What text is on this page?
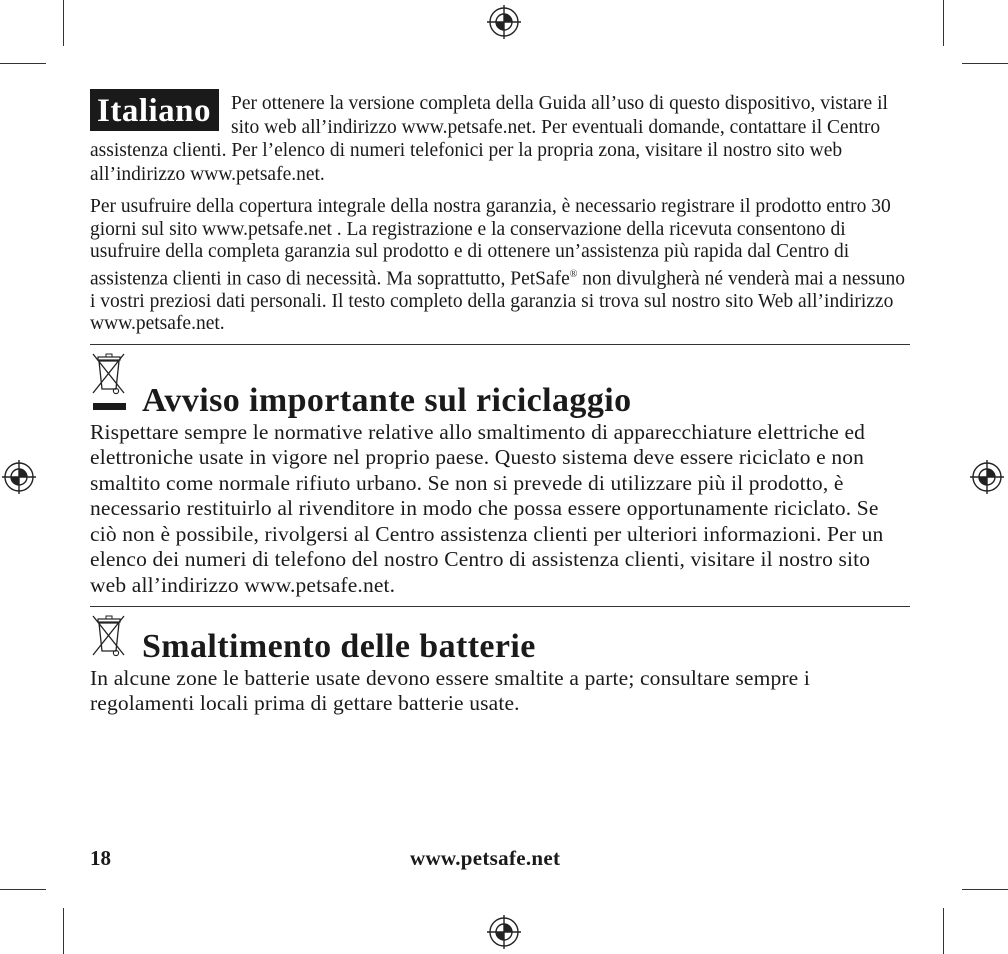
Italiano	Per ottenere la versione completa della Guida all’uso di questo dispositivo, vistare il sito web all’indirizzo www.petsafe.net. Per eventuali domande, contattare il Centro assistenza clienti. Per l’elenco di numeri telefonici per la propria zona, visitare il nostro sito web all’indirizzo www.petsafe.net.

Per usufruire della copertura integrale della nostra garanzia, è necessario registrare il prodotto entro 30 giorni sul sito www.petsafe.net . La registrazione e la conservazione della ricevuta consentono di usufruire della completa garanzia sul prodotto e di ottenere un’assistenza più rapida dal Centro di assistenza clienti in caso di necessità. Ma soprattutto, PetSafe® non divulgherà né venderà mai a nessuno i vostri preziosi dati personali. Il testo completo della garanzia si trova sul nostro sito Web all’indirizzo www.petsafe.net.

Avviso importante sul riciclaggio

Rispettare sempre le normative relative allo smaltimento di apparecchiature elettriche ed elettroniche usate in vigore nel proprio paese. Questo sistema deve essere riciclato e non smaltito come normale rifiuto urbano. Se non si prevede di utilizzare più il prodotto, è necessario restituirlo al rivenditore in modo che possa essere opportunamente riciclato. Se ciò non è possibile, rivolgersi al Centro assistenza clienti per ulteriori informazioni. Per un elenco dei numeri di telefono del nostro Centro di assistenza clienti, visitare il nostro sito web all’indirizzo www.petsafe.net.

Smaltimento delle batterie

In alcune zone le batterie usate devono essere smaltite a parte; consultare sempre i regolamenti locali prima di gettare batterie usate.

18	www.petsafe.net
